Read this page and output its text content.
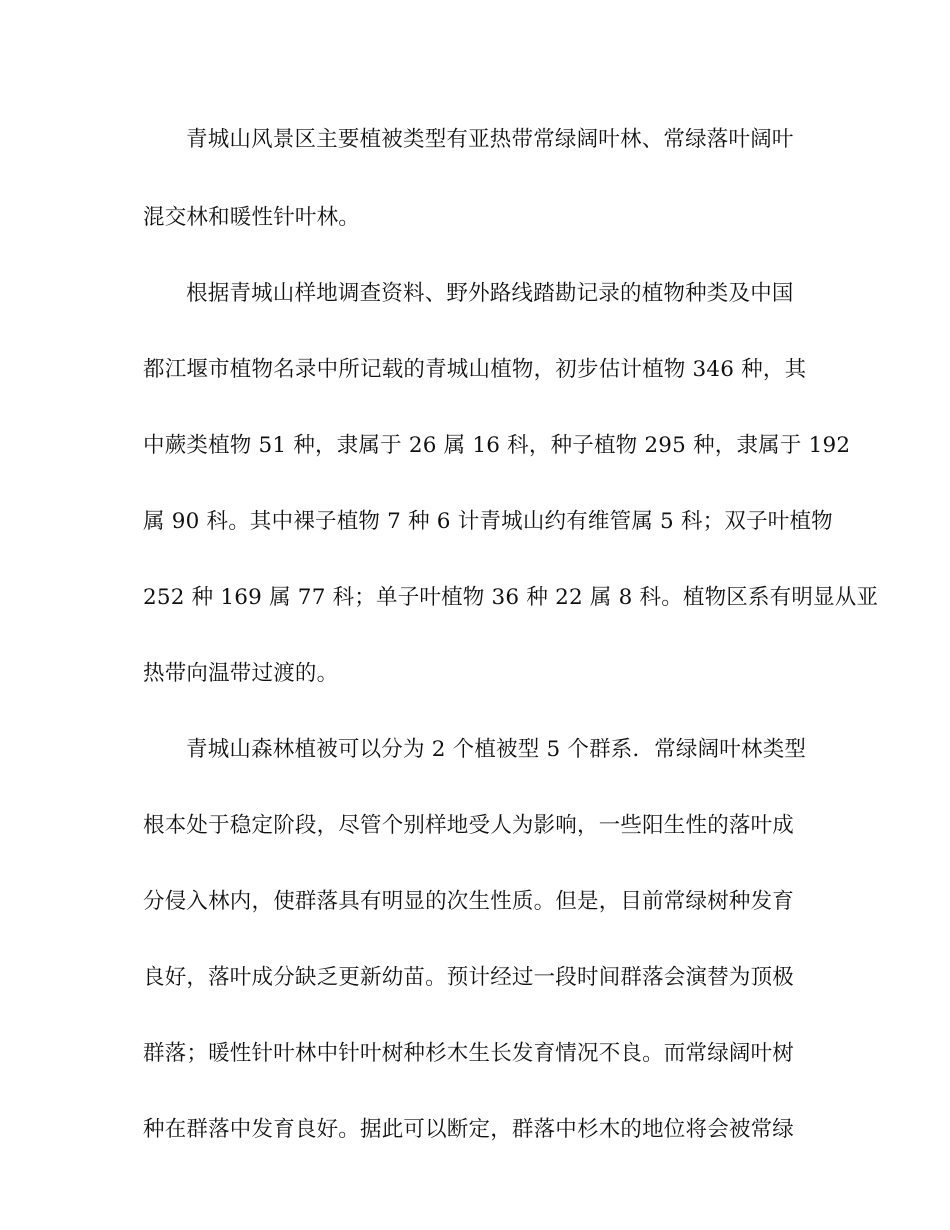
青城山风景区主要植被类型有亚热带常绿阔叶林、常绿落叶阔叶
混交林和暖性针叶林。
根据青城山样地调查资料、野外路线踏勘记录的植物种类及中国
都江堰市植物名录中所记载的青城山植物，初步估计植物 346 种，其
中蕨类植物 51 种，隶属于 26 属 16 科，种子植物 295 种，隶属于 192
属 90 科。其中裸子植物 7 种 6 计青城山约有维管属 5 科；双子叶植物
252 种 169 属 77 科；单子叶植物 36 种 22 属 8 科。植物区系有明显从亚
热带向温带过渡的。
青城山森林植被可以分为 2 个植被型 5 个群系．常绿阔叶林类型
根本处于稳定阶段，尽管个别样地受人为影响，一些阳生性的落叶成
分侵入林内，使群落具有明显的次生性质。但是，目前常绿树种发育
良好，落叶成分缺乏更新幼苗。预计经过一段时间群落会演替为顶极
群落；暖性针叶林中针叶树种杉木生长发育情况不良。而常绿阔叶树
种在群落中发育良好。据此可以断定，群落中杉木的地位将会被常绿
